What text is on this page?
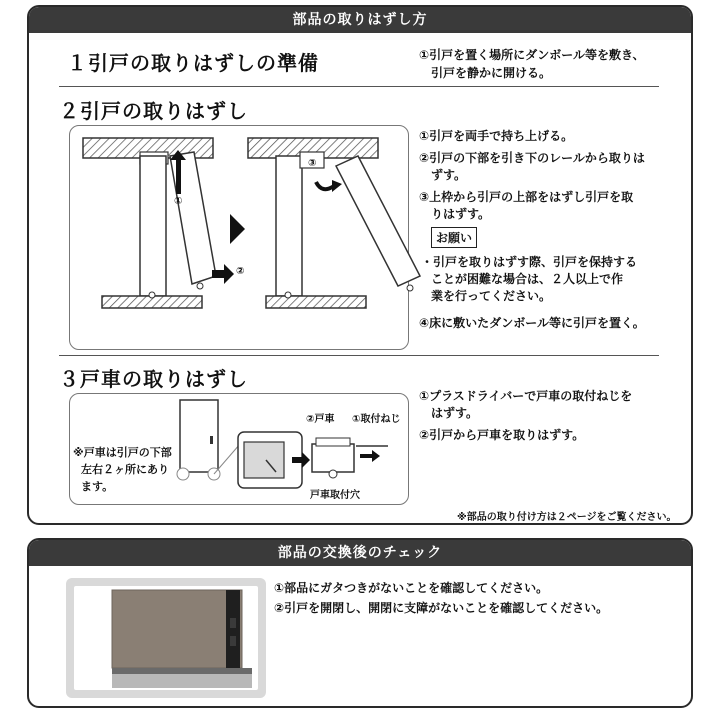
部品の取りはずし方
１引戸の取りはずしの準備	①引戸を置く場所にダンボール等を敷き、
引戸を静かに開ける。
２引戸の取りはずし
①
②
③
①引戸を両手で持ち上げる。
②引戸の下部を引き下のレールから取りは
ずす。
③上枠から引戸の上部をはずし引戸を取
りはずす。
お願い
・引戸を取りはずす際、引戸を保持する
ことが困難な場合は、２人以上で作
業を行ってください。
④床に敷いたダンボール等に引戸を置く。
３戸車の取りはずし
②戸車 ①取付ねじ
戸車取付穴
※戸車は引戸の下部
左右２ヶ所にあり
ます。
①プラスドライバーで戸車の取付ねじを
はずす。
②引戸から戸車を取りはずす。
※部品の取り付け方は２ページをご覧ください。
部品の交換後のチェック
①部品にガタつきがないことを確認してください。
②引戸を開閉し、開閉に支障がないことを確認してください。
